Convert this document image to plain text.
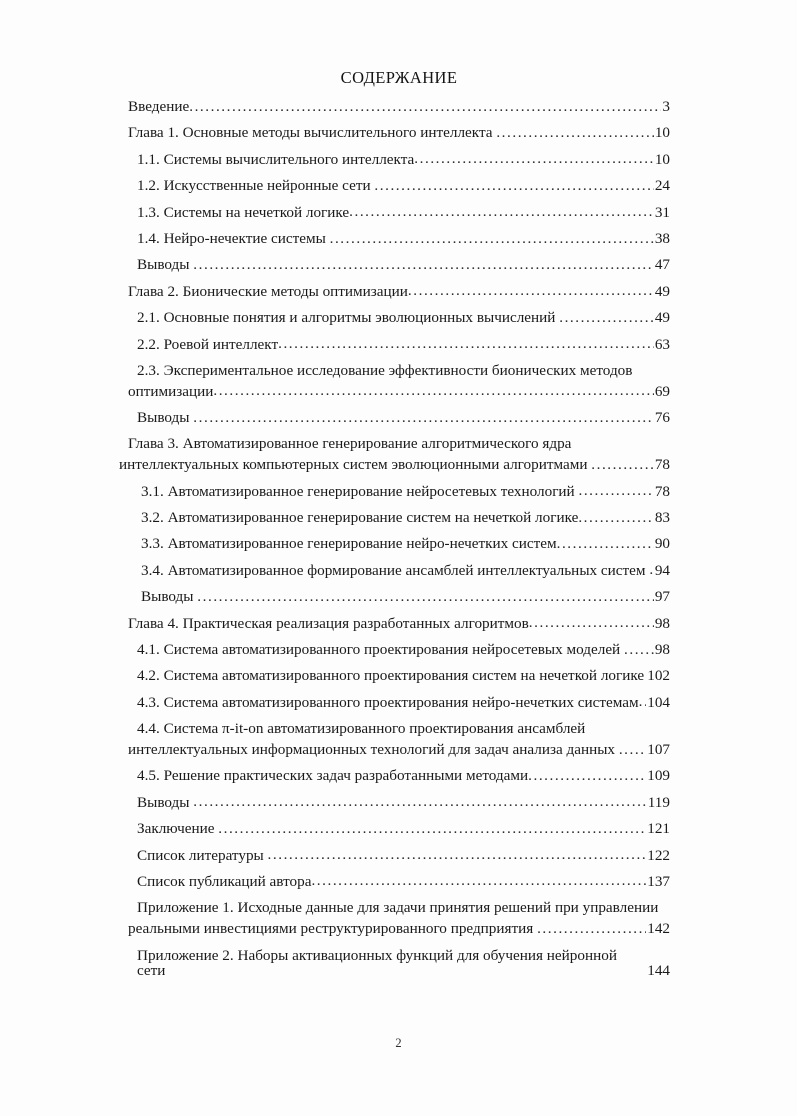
СОДЕРЖАНИЕ
Введение .....	3
Глава 1. Основные методы вычислительного интеллекта .....	10
1.1. Системы вычислительного интеллекта .....	10
1.2. Искусственные нейронные сети .....	24
1.3. Системы на нечеткой логике .....	31
1.4. Нейро-нечектие системы .....	38
Выводы .....	47
Глава 2. Бионические методы оптимизации .....	49
2.1. Основные понятия и алгоритмы эволюционных вычислений .....	49
2.2. Роевой интеллект .....	63
2.3. Экспериментальное исследование эффективности бионических методов
оптимизации .....	69
Выводы .....	76
Глава 3. Автоматизированное генерирование алгоритмического ядра
интеллектуальных компьютерных систем эволюционными алгоритмами .....	78
3.1. Автоматизированное генерирование нейросетевых технологий .....	78
3.2. Автоматизированное генерирование систем на нечеткой логике .....	83
3.3. Автоматизированное генерирование нейро-нечетких систем .....	90
3.4. Автоматизированное формирование ансамблей интеллектуальных систем ..... 94
Выводы .....	97
Глава 4. Практическая реализация разработанных алгоритмов .....	98
4.1. Система автоматизированного проектирования нейросетевых моделей ..... 98
4.2. Система автоматизированного проектирования систем на нечеткой логике 102
4.3. Система автоматизированного проектирования нейро-нечетких системам ..... 104
4.4. Система π-it-on автоматизированного проектирования ансамблей
интеллектуальных информационных технологий для задач анализа данных ..... 107
4.5. Решение практических задач разработанными методами .....	109
Выводы .....	119
Заключение .....	121
Список литературы .....	122
Список публикаций автора .....	137
Приложение 1. Исходные данные для задачи принятия решений при управлении
реальными инвестициями реструктурированного предприятия .....	142
Приложение 2. Наборы активационных функций для обучения нейронной сети	144
2
